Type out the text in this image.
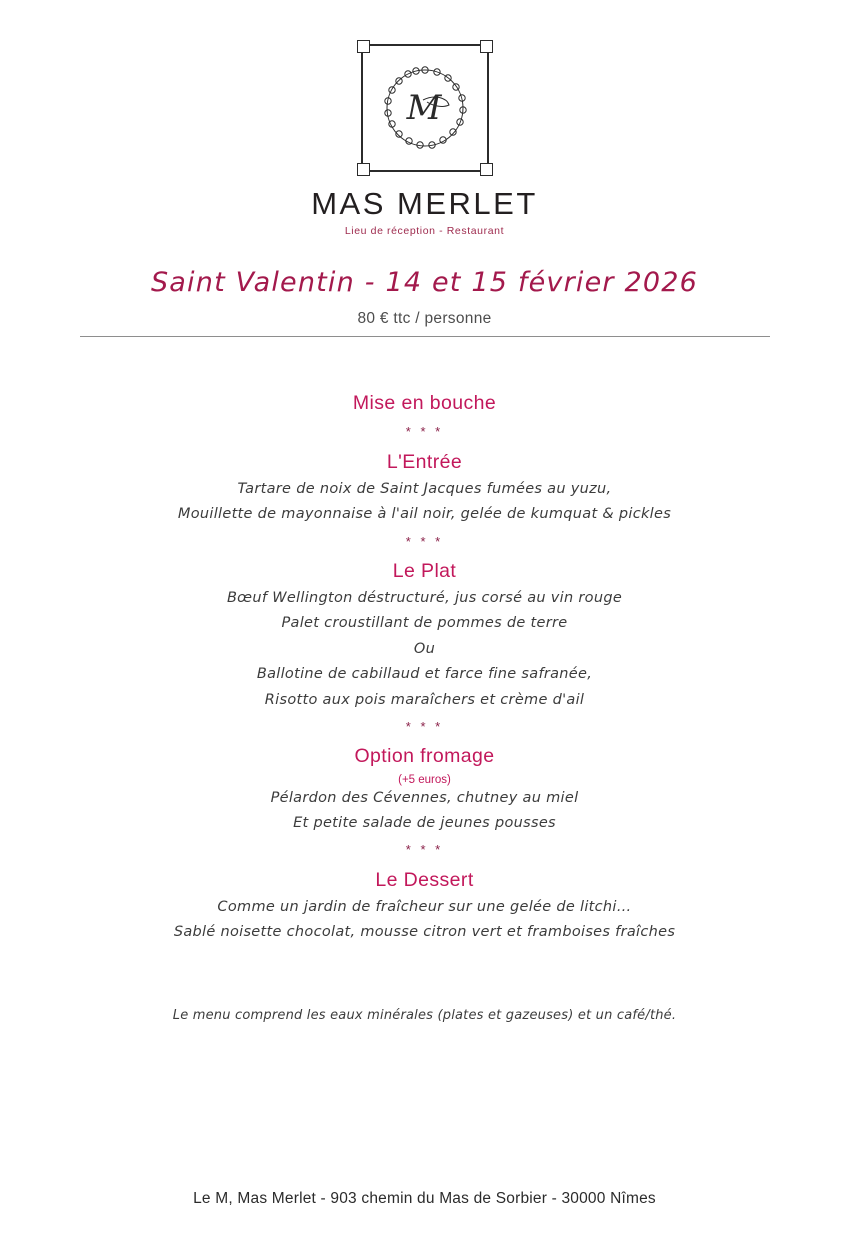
M
MAS MERLET
Lieu de réception - Restaurant
Saint Valentin - 14 et 15 février 2026
80 € ttc / personne
Mise en bouche
* * *
L'Entrée
Tartare de noix de Saint Jacques fumées au yuzu,
Mouillette de mayonnaise à l'ail noir, gelée de kumquat & pickles
* * *
Le Plat
Bœuf Wellington déstructuré, jus corsé au vin rouge
Palet croustillant de pommes de terre
Ou
Ballotine de cabillaud et farce fine safranée,
Risotto aux pois maraîchers et crème d'ail
* * *
Option fromage
(+5 euros)
Pélardon des Cévennes, chutney au miel
Et petite salade de jeunes pousses
* * *
Le Dessert
Comme un jardin de fraîcheur sur une gelée de litchi…
Sablé noisette chocolat, mousse citron vert et framboises fraîches
Le menu comprend les eaux minérales (plates et gazeuses) et un café/thé.
Le M, Mas Merlet - 903 chemin du Mas de Sorbier - 30000 Nîmes
